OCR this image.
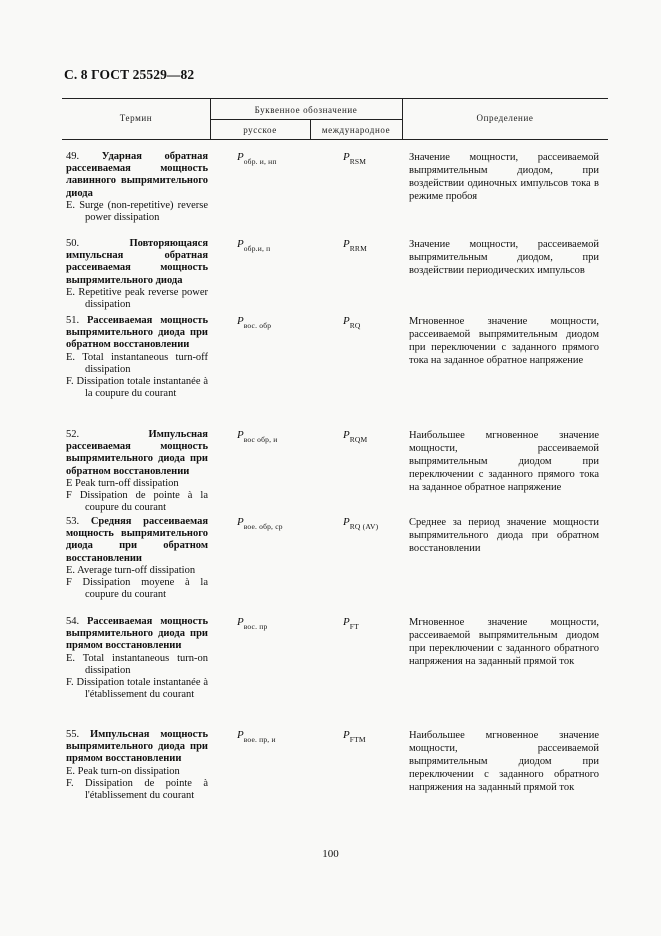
С. 8 ГОСТ 25529—82
Термин
Буквенное обозначение
русское	международное
Определение
49. Ударная обратная рассеиваемая мощность лавинного выпрямительного диода
E. Surge (non-repetitive) reverse power dissipation
$P_{обр. и, нп}$	$P_{RSM}$	Значение мощности, рассеиваемой выпрямительным диодом, при воздействии одиночных импульсов тока в режиме пробоя
50.	Повторяющаяся импульсная обратная рассеиваемая мощность выпрямительного диода
E. Repetitive peak reverse power dissipation
$P_{обр.и, п}$	$P_{RRM}$	Значение мощности, рассеиваемой выпрямительным диодом, при воздействии периодических импульсов
51. Рассеиваемая мощность выпрямительного диода при обратном восстановлении
E. Total instantaneous turn-off dissipation
F. Dissipation totale instantanée à la coupure du courant
$P_{вос. обр}$	$P_{RQ}$	Мгновенное значение мощности, рассеиваемой выпрямительным диодом при переключении с заданного прямого тока на заданное обратное напряжение
52.	Импульсная рассеиваемая мощность выпрямительного диода при обратном восстановлении
E Peak turn-off dissipation
F Dissipation de pointe à la coupure du courant
$P_{вос обр, и}$	$P_{RQM}$	Наибольшее мгновенное значение мощности, рассеиваемой выпрямительным диодом при переключении с заданного прямого тока на заданное обратное напряжение
53. Средняя рассеиваемая мощность выпрямительного диода при обратном восстановлении
E. Average turn-off dissipation
F Dissipation moyene à la coupure du courant
$P_{вое. обр, ср}$	$P_{RQ (AV)}$	Среднее за период значение мощности выпрямительного диода при обратном восстановлении
54. Рассеиваемая мощность выпрямительного диода при прямом восстановлении
E. Total instantaneous turn-on dissipation
F. Dissipation totale instantanée à l'établissement du courant
$P_{вос. пр}$	$P_{FT}$	Мгновенное значение мощности, рассеиваемой выпрямительным диодом при переключении с заданного обратного напряжения на заданный прямой ток
55. Импульсная мощность выпрямительного диода при прямом восстановлении
E. Peak turn-on dissipation
F. Dissipation de pointe à l'établissement du courant
$P_{вое. пр, и}$	$P_{FTM}$	Наибольшее мгновенное значение мощности, рассеиваемой выпрямительным диодом при переключении с заданного обратного напряжения на заданный прямой ток
100
